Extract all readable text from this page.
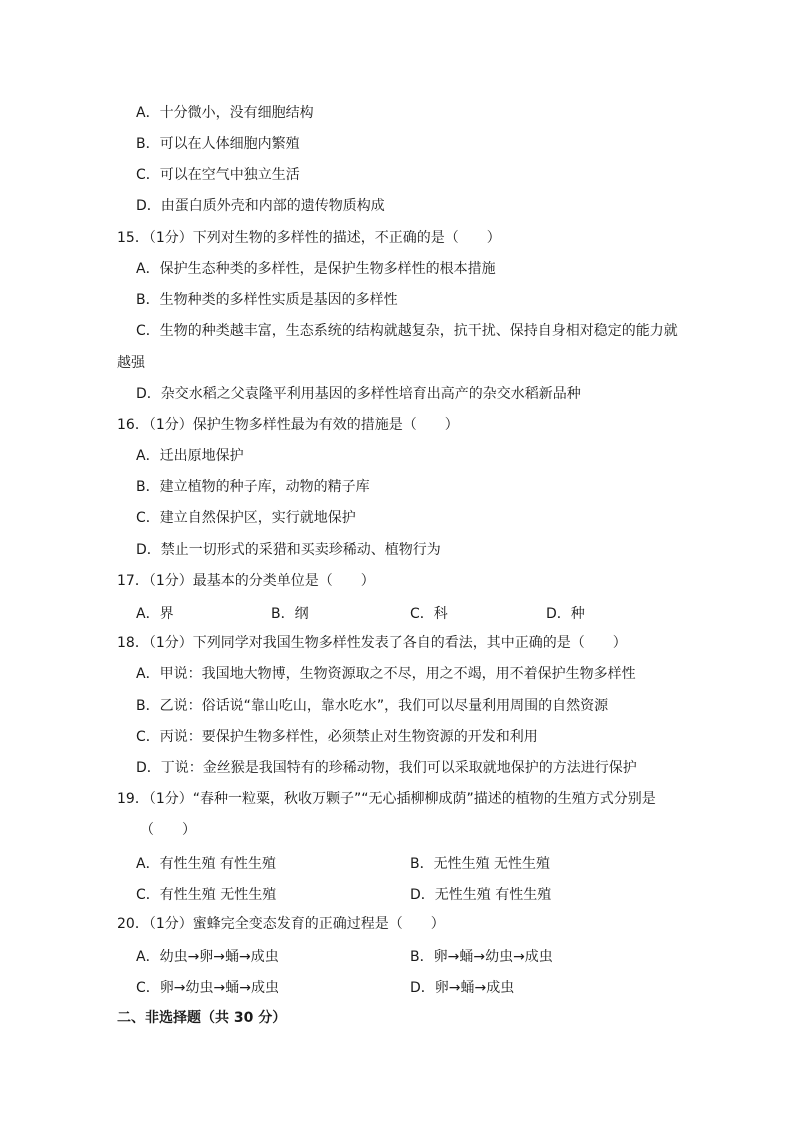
A．十分微小，没有细胞结构
B．可以在人体细胞内繁殖
C．可以在空气中独立生活
D．由蛋白质外壳和内部的遗传物质构成
15．（1分）下列对生物的多样性的描述，不正确的是（　　）
A．保护生态种类的多样性，是保护生物多样性的根本措施
B．生物种类的多样性实质是基因的多样性
C．生物的种类越丰富，生态系统的结构就越复杂，抗干扰、保持自身相对稳定的能力就
越强
D．杂交水稻之父袁隆平利用基因的多样性培育出高产的杂交水稻新品种
16．（1分）保护生物多样性最为有效的措施是（　　）
A．迁出原地保护
B．建立植物的种子库，动物的精子库
C．建立自然保护区，实行就地保护
D．禁止一切形式的采猎和买卖珍稀动、植物行为
17．（1分）最基本的分类单位是（　　）
A．界	B．纲	C．科	D．种
18．（1分）下列同学对我国生物多样性发表了各自的看法，其中正确的是（　　）
A．甲说：我国地大物博，生物资源取之不尽，用之不竭，用不着保护生物多样性
B．乙说：俗话说“靠山吃山，靠水吃水”，我们可以尽量利用周围的自然资源
C．丙说：要保护生物多样性，必须禁止对生物资源的开发和利用
D．丁说：金丝猴是我国特有的珍稀动物，我们可以采取就地保护的方法进行保护
19．（1分）“春种一粒粟，秋收万颗子”“无心插柳柳成荫”描述的植物的生殖方式分别是
（　　）
A．有性生殖 有性生殖	B．无性生殖 无性生殖
C．有性生殖 无性生殖	D．无性生殖 有性生殖
20．（1分）蜜蜂完全变态发育的正确过程是（　　）
A．幼虫→卵→蛹→成虫	B．卵→蛹→幼虫→成虫
C．卵→幼虫→蛹→成虫	D．卵→蛹→成虫
二、非选择题（共 30 分）
